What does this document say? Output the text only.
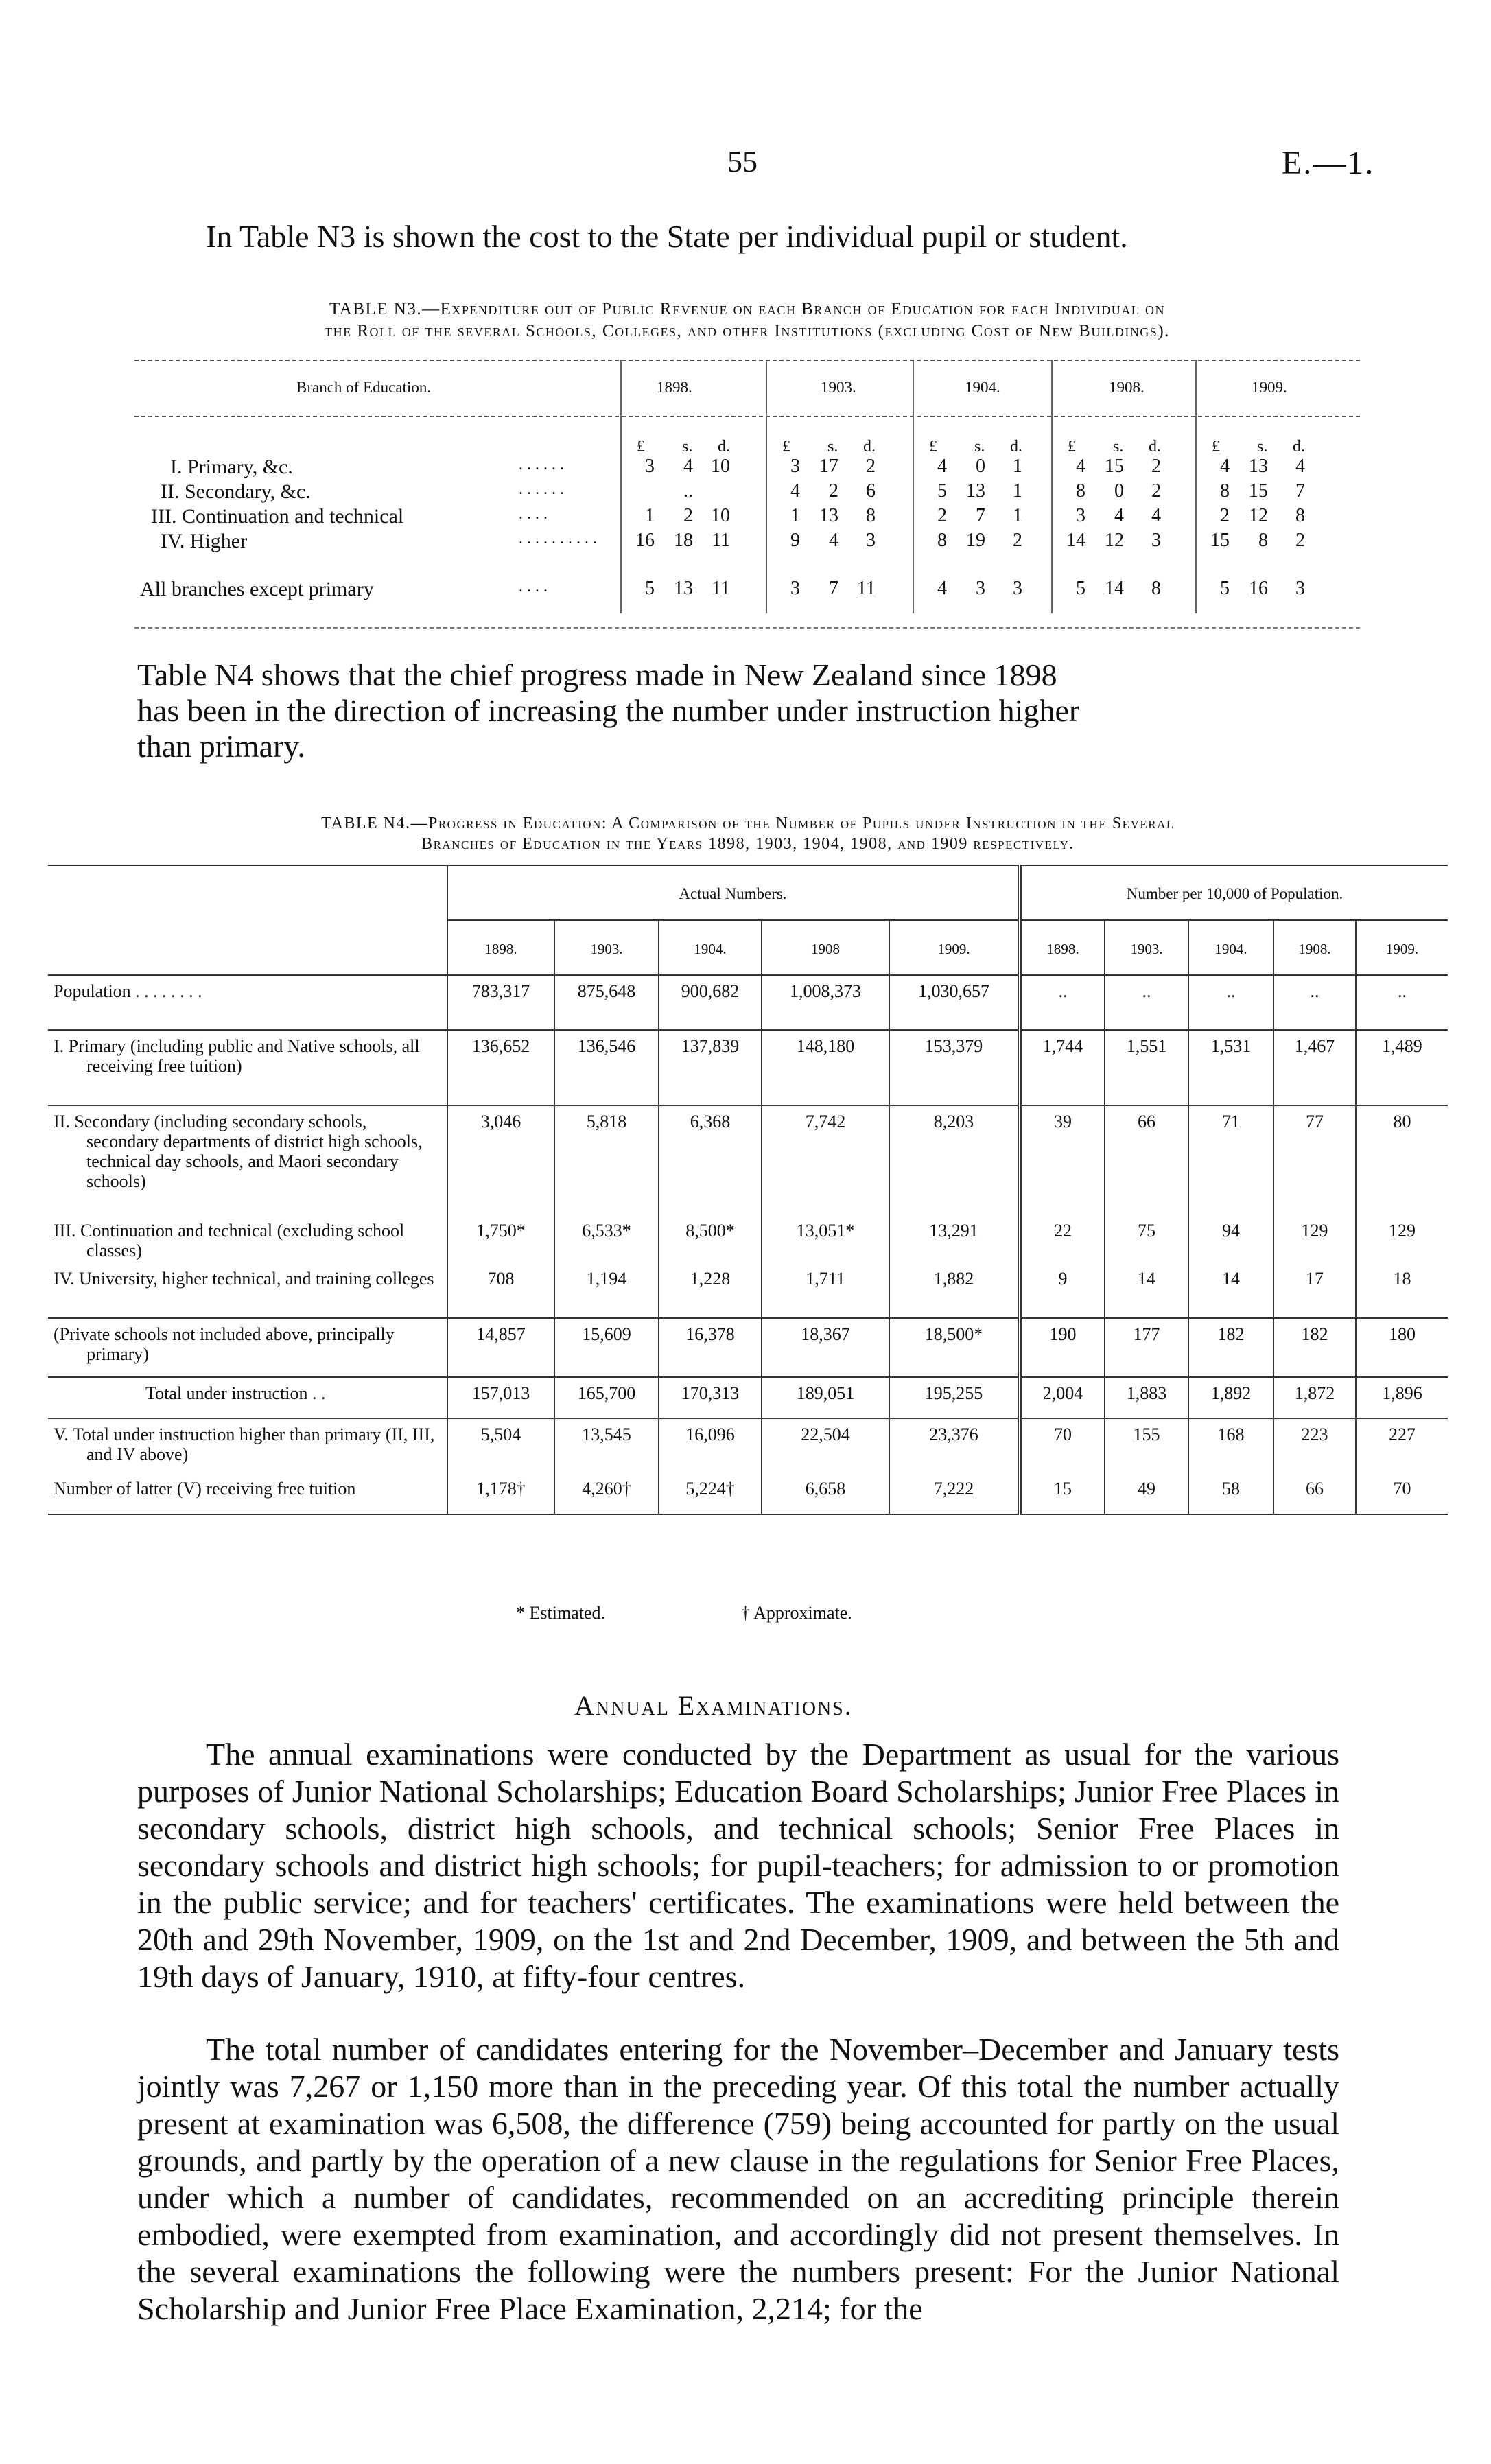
55	E.—1.
In Table N3 is shown the cost to the State per individual pupil or student.
TABLE N3.—Expenditure out of Public Revenue on each Branch of Education for each Individual on
the Roll of the several Schools, Colleges, and other Institutions (excluding Cost of New Buildings).
Branch of Education.	1898.	1903.	1904.	1908.	1909.
£ s. d.	£ s. d.	£ s. d.	£ s. d.	£ s. d.
I. Primary, &c.	. . . . . .	3	4 10	3	17	2	4	0	1	4	15	2	4	13	4
II. Secondary, &c.	. . . . . .	..	4	2	6	5	13	1	8	0	2	8	15	7
III. Continuation and technical	. . . .	1	2 10	1	13	8	2	7	1	3	4	4	2	12	8
IV. Higher	. . . . . . . . . .	16	18 11	9	4	3	8	19	2	14	12	3	15	8	2
All branches except primary	. . . .	5	13 11	3	7 11	4	3	3	5	14	8	5	16	3
Table N4 shows that the chief progress made in New Zealand since 1898
has been in the direction of increasing the number under instruction higher
than primary.
TABLE N4.—Progress in Education: A Comparison of the Number of Pupils under Instruction in the Several
Branches of Education in the Years 1898, 1903, 1904, 1908, and 1909 respectively.
	Actual Numbers.					Number per 10,000 of Population.				
	1898.	1903.	1904.	1908	1909.	1898.	1903.	1904.	1908.	1909.
Population . . . . . . . .	783,317	875,648	900,682	1,008,373	1,030,657	..	..	..	..	..
I. Primary (including public and Native schools, all receiving free tuition)	136,652	136,546	137,839	148,180	153,379	1,744	1,551	1,531	1,467	1,489
II. Secondary (including secondary schools, secondary departments of district high schools, technical day schools, and Maori secondary schools)	3,046	5,818	6,368	7,742	8,203	39	66	71	77	80
III. Continuation and technical (excluding school classes)	1,750*	6,533*	8,500*	13,051*	13,291	22	75	94	129	129
IV. University, higher technical, and training colleges	708	1,194	1,228	1,711	1,882	9	14	14	17	18
(Private schools not included above, principally primary)	14,857	15,609	16,378	18,367	18,500*	190	177	182	182	180
Total under instruction . .	157,013	165,700	170,313	189,051	195,255	2,004	1,883	1,892	1,872	1,896
V. Total under instruction higher than primary (II, III, and IV above)	5,504	13,545	16,096	22,504	23,376	70	155	168	223	227
Number of latter (V) receiving free tuition	1,178†	4,260†	5,224†	6,658	7,222	15	49	58	66	70
* Estimated.	† Approximate.
Annual Examinations.
The annual examinations were conducted by the Department as usual for the various purposes of Junior National Scholarships; Education Board Scholarships; Junior Free Places in secondary schools, district high schools, and technical schools; Senior Free Places in secondary schools and district high schools; for pupil-teachers; for admission to or promotion in the public service; and for teachers' certificates. The examinations were held between the 20th and 29th November, 1909, on the 1st and 2nd December, 1909, and between the 5th and 19th days of January, 1910, at fifty-four centres.
The total number of candidates entering for the November–December and January tests jointly was 7,267 or 1,150 more than in the preceding year. Of this total the number actually present at examination was 6,508, the difference (759) being accounted for partly on the usual grounds, and partly by the operation of a new clause in the regulations for Senior Free Places, under which a number of candidates, recommended on an accrediting principle therein embodied, were exempted from examination, and accordingly did not present themselves. In the several examinations the following were the numbers present: For the Junior National Scholarship and Junior Free Place Examination, 2,214; for the
